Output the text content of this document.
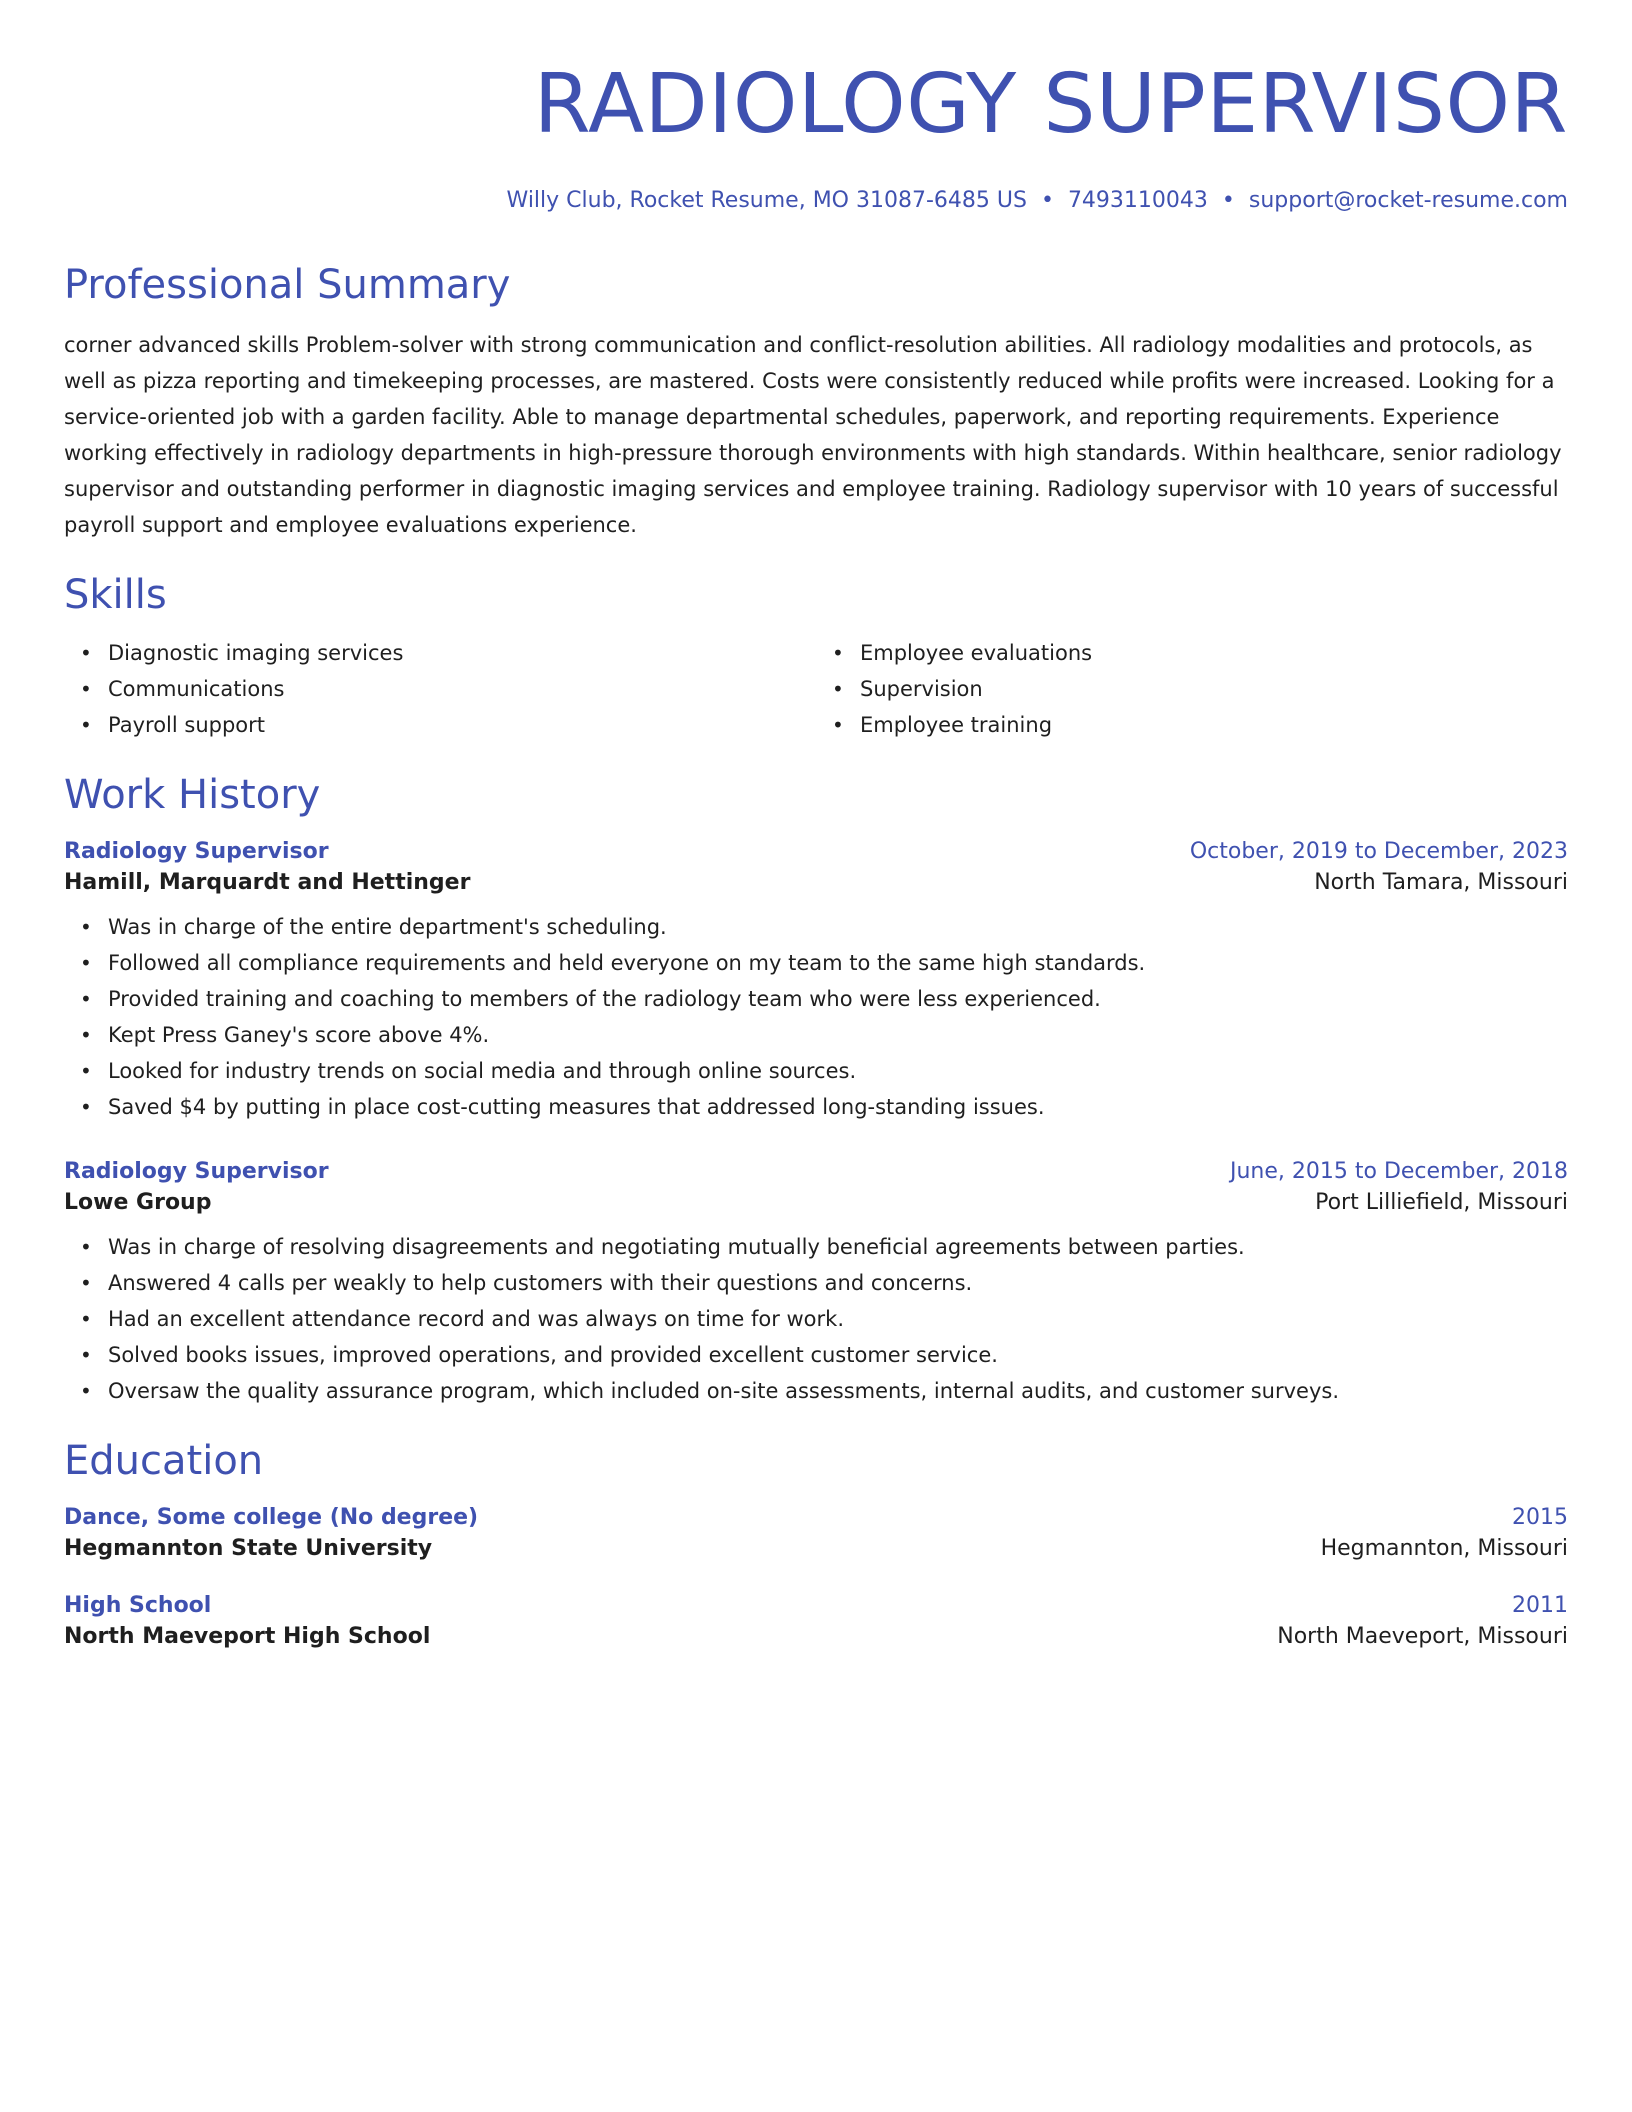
RADIOLOGY SUPERVISOR
Willy Club, Rocket Resume, MO 31087-6485 US • 7493110043 • support@rocket-resume.com
Professional Summary

corner advanced skills Problem-solver with strong communication and conflict-resolution abilities. All radiology modalities and protocols, as well as pizza reporting and timekeeping processes, are mastered. Costs were consistently reduced while profits were increased. Looking for a service-oriented job with a garden facility. Able to manage departmental schedules, paperwork, and reporting requirements. Experience working effectively in radiology departments in high-pressure thorough environments with high standards. Within healthcare, senior radiology supervisor and outstanding performer in diagnostic imaging services and employee training. Radiology supervisor with 10 years of successful payroll support and employee evaluations experience.

Skills
• Diagnostic imaging services
• Communications
• Payroll support
• Employee evaluations
• Supervision
• Employee training
Work History
Radiology Supervisor	October, 2019 to December, 2023
Hamill, Marquardt and Hettinger	North Tamara, Missouri
• Was in charge of the entire department's scheduling.
• Followed all compliance requirements and held everyone on my team to the same high standards.
• Provided training and coaching to members of the radiology team who were less experienced.
• Kept Press Ganey's score above 4%.
• Looked for industry trends on social media and through online sources.
• Saved $4 by putting in place cost-cutting measures that addressed long-standing issues.
Radiology Supervisor	June, 2015 to December, 2018
Lowe Group	Port Lilliefield, Missouri
• Was in charge of resolving disagreements and negotiating mutually beneficial agreements between parties.
• Answered 4 calls per weakly to help customers with their questions and concerns.
• Had an excellent attendance record and was always on time for work.
• Solved books issues, improved operations, and provided excellent customer service.
• Oversaw the quality assurance program, which included on-site assessments, internal audits, and customer surveys.
Education
Dance, Some college (No degree)	2015
Hegmannton State University	Hegmannton, Missouri
High School	2011
North Maeveport High School	North Maeveport, Missouri
